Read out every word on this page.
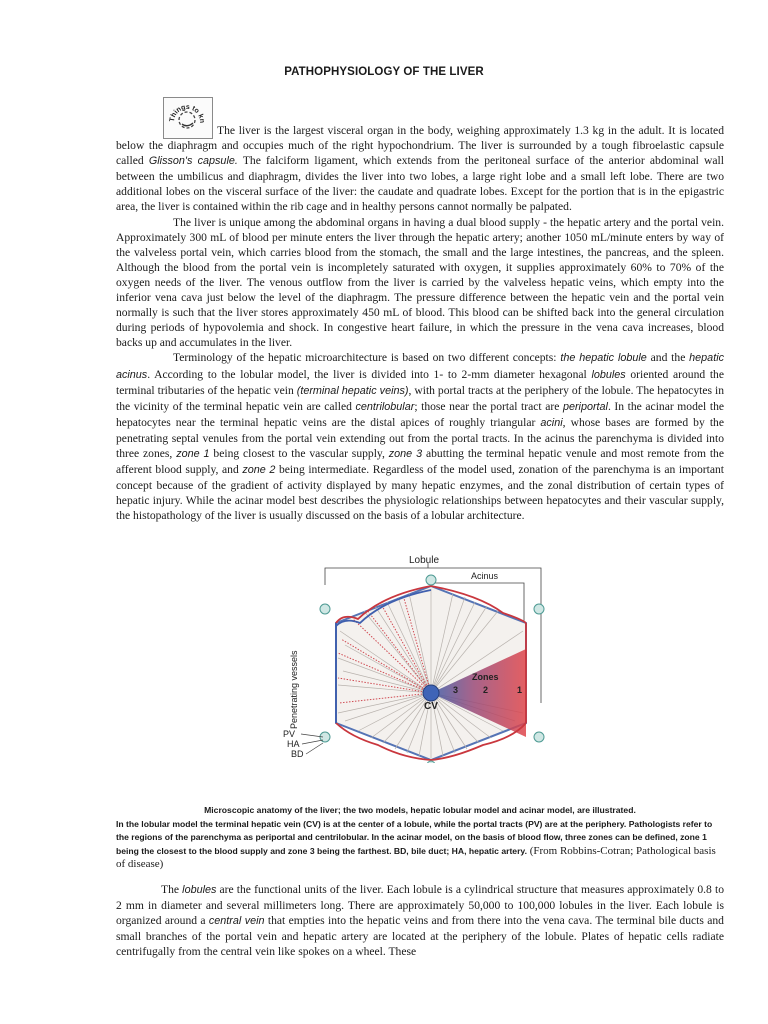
PATHOPHYSIOLOGY OF THE LIVER
Things to kn

The liver is the largest visceral organ in the body, weighing approximately 1.3 kg in the adult. It is located below the diaphragm and occupies much of the right hypochondrium. The liver is surrounded by a tough fibroelastic capsule called Glisson's capsule. The falciform ligament, which extends from the peritoneal surface of the anterior abdominal wall between the umbilicus and diaphragm, divides the liver into two lobes, a large right lobe and a small left lobe. There are two additional lobes on the visceral surface of the liver: the caudate and quadrate lobes. Except for the portion that is in the epigastric area, the liver is contained within the rib cage and in healthy persons cannot normally be palpated.

The liver is unique among the abdominal organs in having a dual blood supply - the hepatic artery and the portal vein. Approximately 300 mL of blood per minute enters the liver through the hepatic artery; another 1050 mL/minute enters by way of the valveless portal vein, which carries blood from the stomach, the small and the large intestines, the pancreas, and the spleen. Although the blood from the portal vein is incompletely saturated with oxygen, it supplies approximately 60% to 70% of the oxygen needs of the liver. The venous outflow from the liver is carried by the valveless hepatic veins, which empty into the inferior vena cava just below the level of the diaphragm. The pressure difference between the hepatic vein and the portal vein normally is such that the liver stores approximately 450 mL of blood. This blood can be shifted back into the general circulation during periods of hypovolemia and shock. In congestive heart failure, in which the pressure in the vena cava increases, blood backs up and accumulates in the liver.

Terminology of the hepatic microarchitecture is based on two different concepts: the hepatic lobule and the hepatic acinus. According to the lobular model, the liver is divided into 1- to 2-mm diameter hexagonal lobules oriented around the terminal tributaries of the hepatic vein (terminal hepatic veins), with portal tracts at the periphery of the lobule. The hepatocytes in the vicinity of the terminal hepatic vein are called centrilobular; those near the portal tract are periportal. In the acinar model the hepatocytes near the terminal hepatic veins are the distal apices of roughly triangular acini, whose bases are formed by the penetrating septal venules from the portal vein extending out from the portal tracts. In the acinus the parenchyma is divided into three zones, zone 1 being closest to the vascular supply, zone 3 abutting the terminal hepatic venule and most remote from the afferent blood supply, and zone 2 being intermediate. Regardless of the model used, zonation of the parenchyma is an important concept because of the gradient of activity displayed by many hepatic enzymes, and the zonal distribution of certain types of hepatic injury. While the acinar model best describes the physiologic relationships between hepatocytes and their vascular supply, the histopathology of the liver is usually discussed on the basis of a lobular architecture.

Lobule
Acinus
CV
Zones
3	2	1
Penetrating vessels
PV
HA
BD
Microscopic anatomy of the liver; the two models, hepatic lobular model and acinar model, are illustrated.
In the lobular model the terminal hepatic vein (CV) is at the center of a lobule, while the portal tracts (PV) are at the periphery. Pathologists refer to the regions of the parenchyma as periportal and centrilobular. In the acinar model, on the basis of blood flow, three zones can be defined, zone 1 being the closest to the blood supply and zone 3 being the farthest. BD, bile duct; HA, hepatic artery. (From Robbins-Cotran; Pathological basis of disease)

The lobules are the functional units of the liver. Each lobule is a cylindrical structure that measures approximately 0.8 to 2 mm in diameter and several millimeters long. There are approximately 50,000 to 100,000 lobules in the liver. Each lobule is organized around a central vein that empties into the hepatic veins and from there into the vena cava. The terminal bile ducts and small branches of the portal vein and hepatic artery are located at the periphery of the lobule. Plates of hepatic cells radiate centrifugally from the central vein like spokes on a wheel. These
